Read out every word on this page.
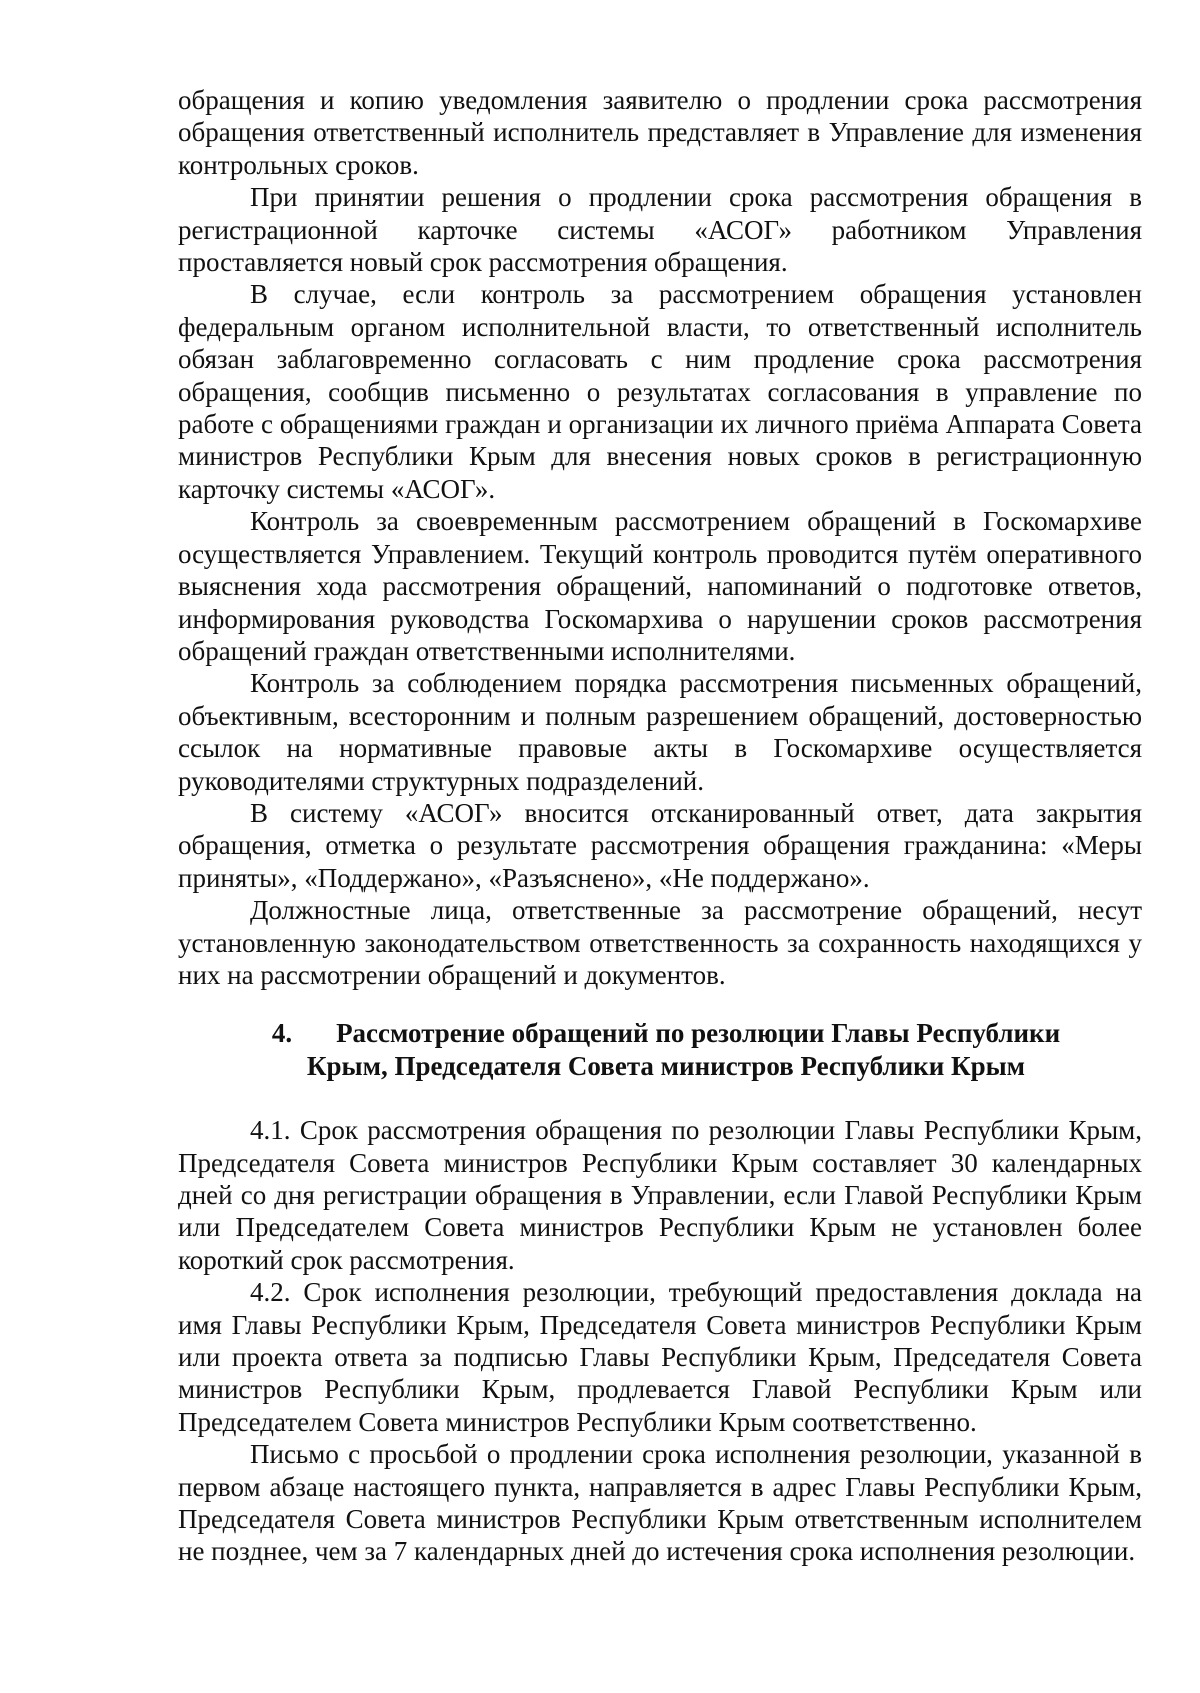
обращения и копию уведомления заявителю о продлении срока рассмотрения обращения ответственный исполнитель представляет в Управление для изменения контрольных сроков.

При принятии решения о продлении срока рассмотрения обращения в регистрационной карточке системы «АСОГ» работником Управления проставляется новый срок рассмотрения обращения.

В случае, если контроль за рассмотрением обращения установлен федеральным органом исполнительной власти, то ответственный исполнитель обязан заблаговременно согласовать с ним продление срока рассмотрения обращения, сообщив письменно о результатах согласования в управление по работе с обращениями граждан и организации их личного приёма Аппарата Совета министров Республики Крым для внесения новых сроков в регистрационную карточку системы «АСОГ».

Контроль за своевременным рассмотрением обращений в Госкомархиве осуществляется Управлением. Текущий контроль проводится путём оперативного выяснения хода рассмотрения обращений, напоминаний о подготовке ответов, информирования руководства Госкомархива о нарушении сроков рассмотрения обращений граждан ответственными исполнителями.

Контроль за соблюдением порядка рассмотрения письменных обращений, объективным, всесторонним и полным разрешением обращений, достоверностью ссылок на нормативные правовые акты в Госкомархиве осуществляется руководителями структурных подразделений.

В систему «АСОГ» вносится отсканированный ответ, дата закрытия обращения, отметка о результате рассмотрения обращения гражданина: «Меры приняты», «Поддержано», «Разъяснено», «Не поддержано».

Должностные лица, ответственные за рассмотрение обращений, несут установленную законодательством ответственность за сохранность находящихся у них на рассмотрении обращений и документов.

4. Рассмотрение обращений по резолюции Главы Республики Крым, Председателя Совета министров Республики Крым

4.1. Срок рассмотрения обращения по резолюции Главы Республики Крым, Председателя Совета министров Республики Крым составляет 30 календарных дней со дня регистрации обращения в Управлении, если Главой Республики Крым или Председателем Совета министров Республики Крым не установлен более короткий срок рассмотрения.

4.2. Срок исполнения резолюции, требующий предоставления доклада на имя Главы Республики Крым, Председателя Совета министров Республики Крым или проекта ответа за подписью Главы Республики Крым, Председателя Совета министров Республики Крым, продлевается Главой Республики Крым или Председателем Совета министров Республики Крым соответственно.

Письмо с просьбой о продлении срока исполнения резолюции, указанной в первом абзаце настоящего пункта, направляется в адрес Главы Республики Крым, Председателя Совета министров Республики Крым ответственным исполнителем не позднее, чем за 7 календарных дней до истечения срока исполнения резолюции.
